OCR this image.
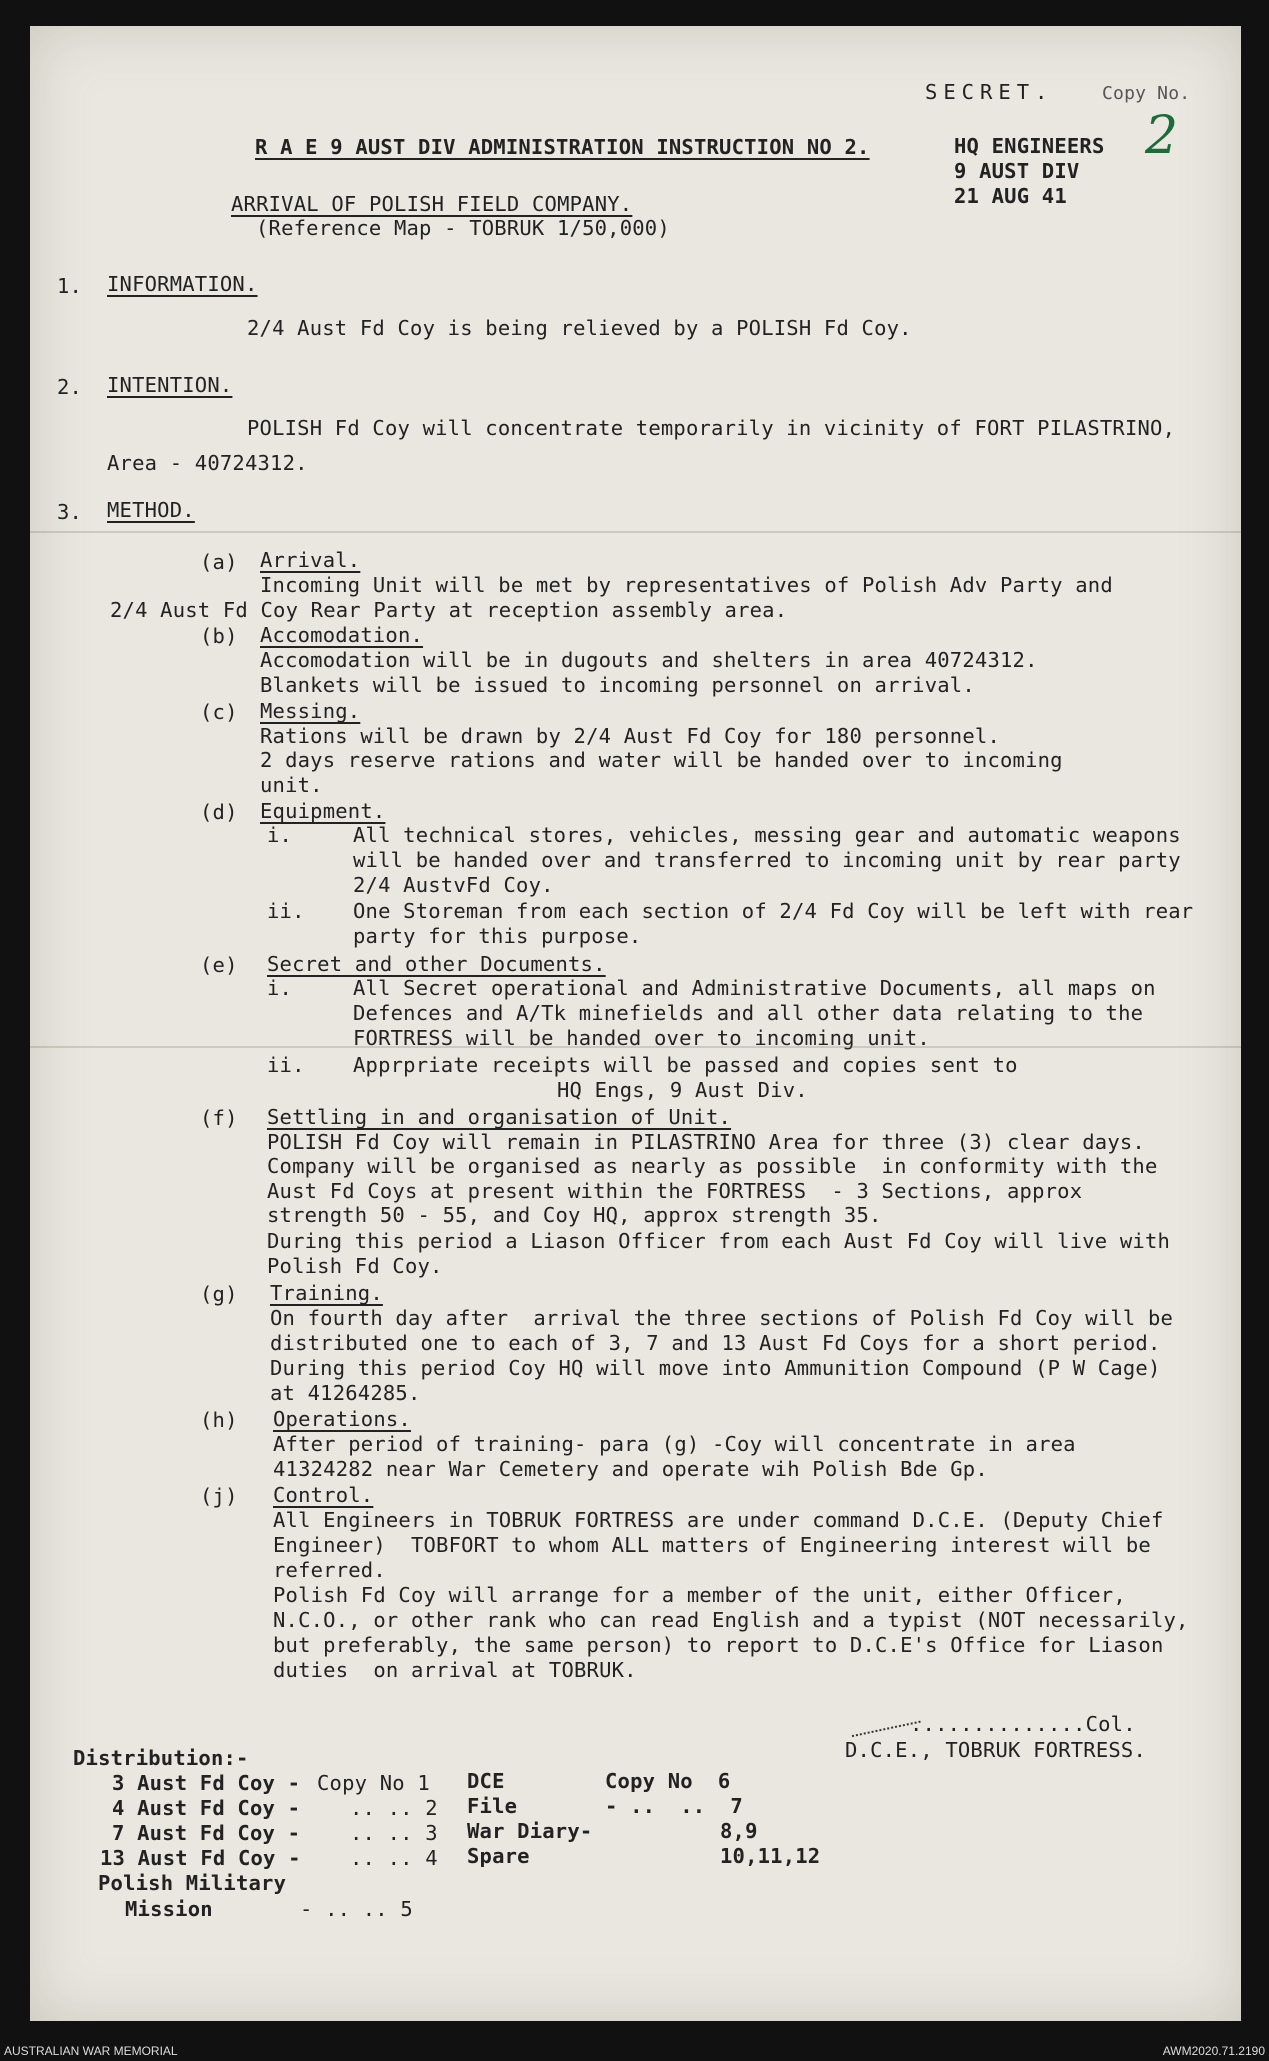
SECRET.	Copy No.
2
R A E 9 AUST DIV ADMINISTRATION INSTRUCTION NO 2.	HQ ENGINEERS
9 AUST DIV
21 AUG 41
ARRIVAL OF POLISH FIELD COMPANY.
(Reference Map - TOBRUK 1/50,000)
1. INFORMATION.
2/4 Aust Fd Coy is being relieved by a POLISH Fd Coy.
2. INTENTION.
POLISH Fd Coy will concentrate temporarily in vicinity of FORT PILASTRINO,
Area - 40724312.
3. METHOD.
(a) Arrival.
Incoming Unit will be met by representatives of Polish Adv Party and
2/4 Aust Fd Coy Rear Party at reception assembly area.
(b) Accomodation.
Accomodation will be in dugouts and shelters in area 40724312.
Blankets will be issued to incoming personnel on arrival.
(c) Messing.
Rations will be drawn by 2/4 Aust Fd Coy for 180 personnel.
2 days reserve rations and water will be handed over to incoming
unit.
(d) Equipment.
i.	All technical stores, vehicles, messing gear and automatic weapons
will be handed over and transferred to incoming unit by rear party
2/4 AustvFd Coy.
ii. One Storeman from each section of 2/4 Fd Coy will be left with rear
party for this purpose.
(e) Secret and other Documents.
i.	All Secret operational and Administrative Documents, all maps on
Defences and A/Tk minefields and all other data relating to the
FORTRESS will be handed over to incoming unit.
ii. Apprpriate receipts will be passed and copies sent to
HQ Engs, 9 Aust Div.
(f) Settling in and organisation of Unit.
POLISH Fd Coy will remain in PILASTRINO Area for three (3) clear days.
Company will be organised as nearly as possible  in conformity with the
Aust Fd Coys at present within the FORTRESS  - 3 Sections, approx
strength 50 - 55, and Coy HQ, approx strength 35.
During this period a Liason Officer from each Aust Fd Coy will live with
Polish Fd Coy.
(g) Training.
On fourth day after  arrival the three sections of Polish Fd Coy will be
distributed one to each of 3, 7 and 13 Aust Fd Coys for a short period.
During this period Coy HQ will move into Ammunition Compound (P W Cage)
at 41264285.
(h) Operations.
After period of training- para (g) -Coy will concentrate in area
41324282 near War Cemetery and operate wih Polish Bde Gp.
(j) Control.
All Engineers in TOBRUK FORTRESS are under command D.C.E. (Deputy Chief
Engineer)  TOBFORT to whom ALL matters of Engineering interest will be
referred.
Polish Fd Coy will arrange for a member of the unit, either Officer,
N.C.O., or other rank who can read English and a typist (NOT necessarily,
but preferably, the same person) to report to D.C.E's Office for Liason
duties  on arrival at TOBRUK.
..............Col.
D.C.E., TOBRUK FORTRESS.
Distribution:-
3 Aust Fd Coy - Copy No 1
4 Aust Fd Coy - .. .. 2
7 Aust Fd Coy - .. .. 3
13 Aust Fd Coy - .. .. 4
Polish Military
Mission	- .. .. 5
DCE	Copy No  6
File	- ..  ..  7
War Diary-	8,9
Spare	10,11,12
AUSTRALIAN WAR MEMORIAL	AWM2020.71.2190
